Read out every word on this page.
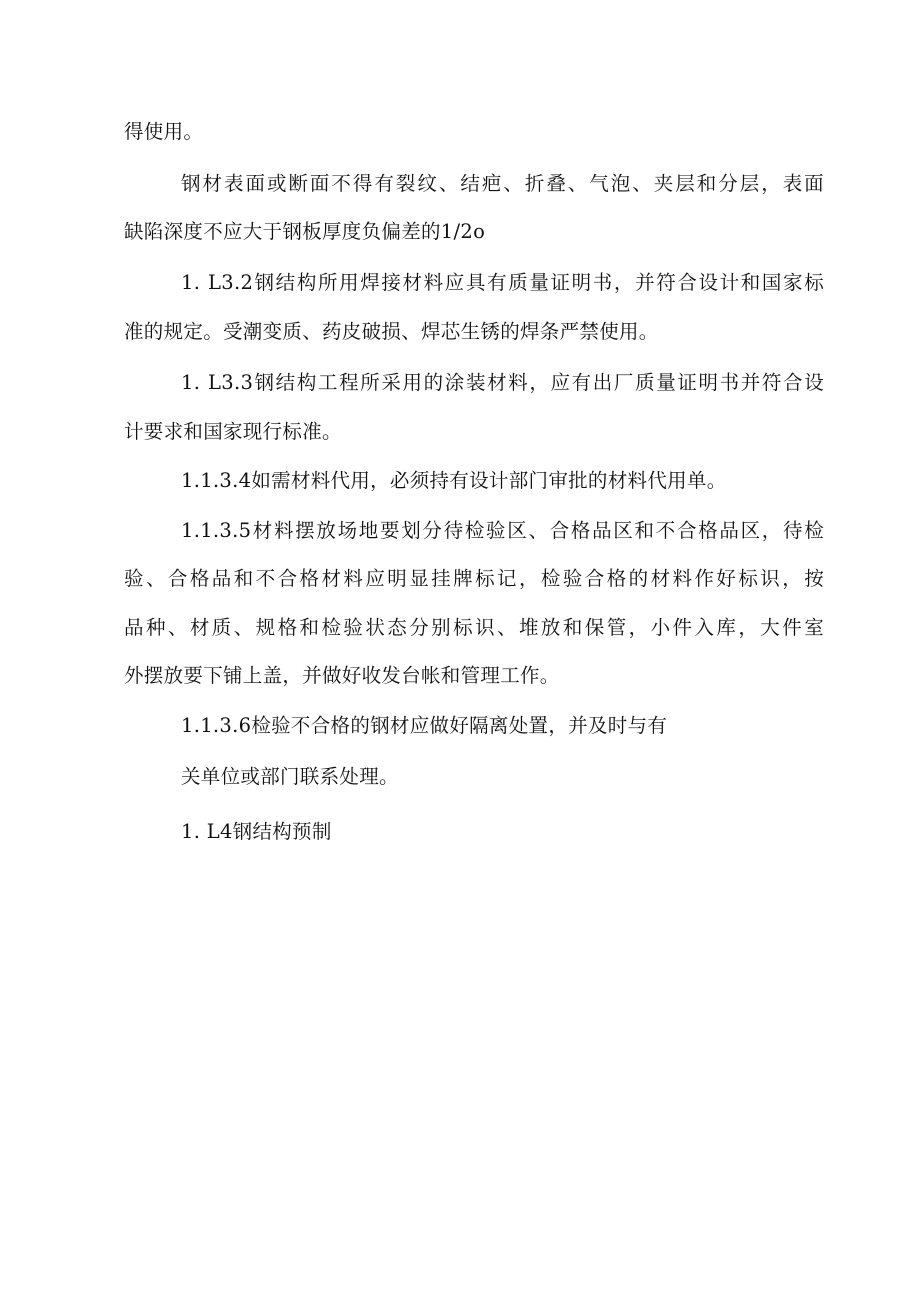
得使用。
钢材表面或断面不得有裂纹、结疤、折叠、气泡、夹层和分层，表面
缺陷深度不应大于钢板厚度负偏差的1/2o
1. L3.2钢结构所用焊接材料应具有质量证明书，并符合设计和国家标
准的规定。受潮变质、药皮破损、焊芯生锈的焊条严禁使用。
1. L3.3钢结构工程所采用的涂装材料，应有出厂质量证明书并符合设
计要求和国家现行标准。
1.1.3.4如需材料代用，必须持有设计部门审批的材料代用单。
1.1.3.5材料摆放场地要划分待检验区、合格品区和不合格品区，待检
验、合格品和不合格材料应明显挂牌标记，检验合格的材料作好标识，按
品种、材质、规格和检验状态分别标识、堆放和保管，小件入库，大件室
外摆放要下铺上盖，并做好收发台帐和管理工作。
1.1.3.6检验不合格的钢材应做好隔离处置，并及时与有
关单位或部门联系处理。
1. L4钢结构预制
